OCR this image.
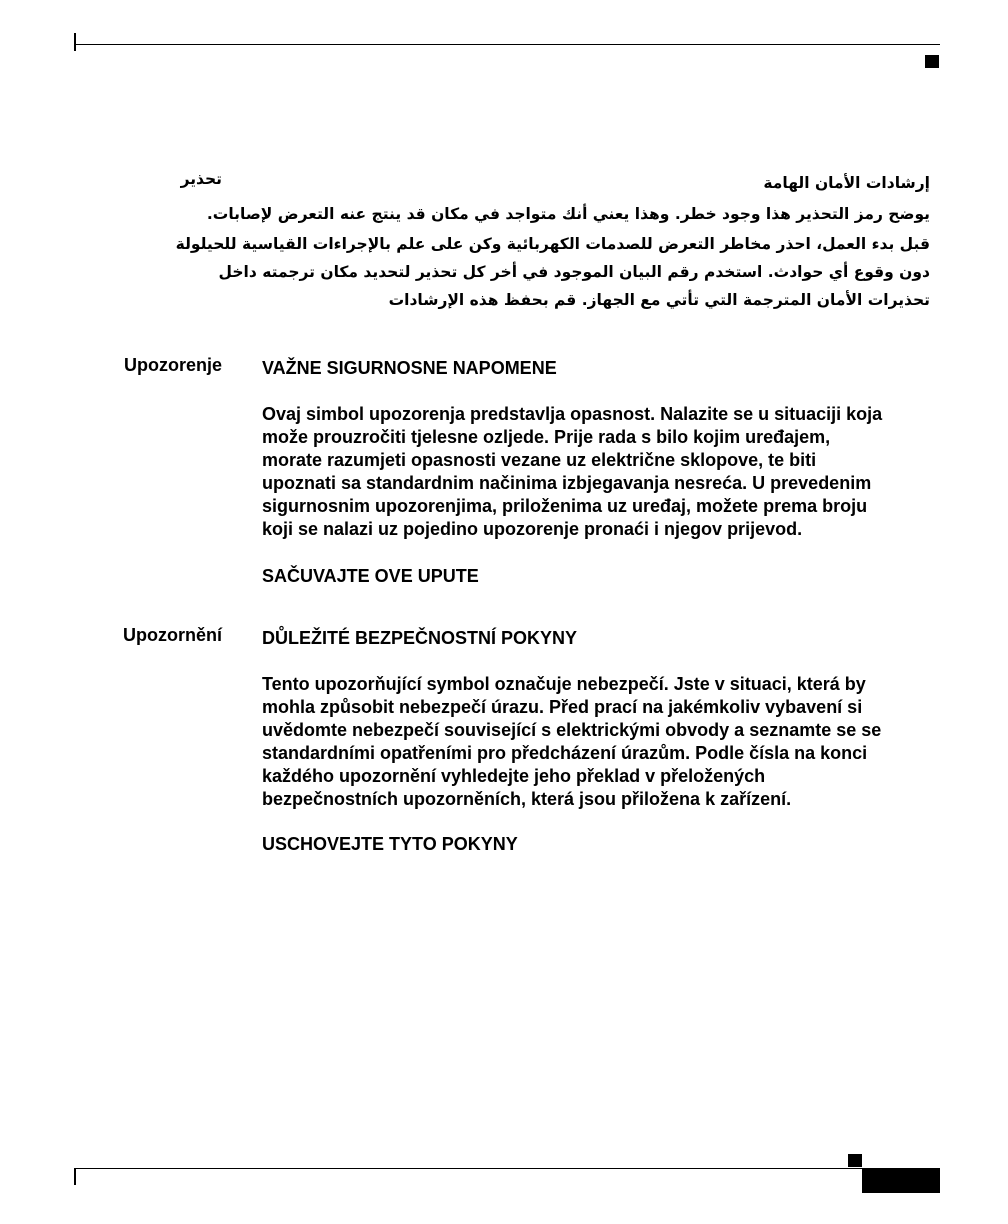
تحذير	إرشادات الأمان الهامة
يوضح رمز التحذير هذا وجود خطر. وهذا يعني أنك متواجد في مكان قد ينتج عنه التعرض لإصابات.
قبل بدء العمل، احذر مخاطر التعرض للصدمات الكهربائية وكن على علم بالإجراءات القياسية للحيلولة
دون وقوع أي حوادث. استخدم رقم البيان الموجود في أخر كل تحذير لتحديد مكان ترجمته داخل
تحذيرات الأمان المترجمة التي تأتي مع الجهاز. قم بحفظ هذه الإرشادات
Upozorenje VAŽNE SIGURNOSNE NAPOMENE
Ovaj simbol upozorenja predstavlja opasnost. Nalazite se u situaciji koja
može prouzročiti tjelesne ozljede. Prije rada s bilo kojim uređajem,
morate razumjeti opasnosti vezane uz električne sklopove, te biti
upoznati sa standardnim načinima izbjegavanja nesreća. U prevedenim
sigurnosnim upozorenjima, priloženima uz uređaj, možete prema broju
koji se nalazi uz pojedino upozorenje pronaći i njegov prijevod.
SAČUVAJTE OVE UPUTE
Upozornění DŮLEŽITÉ BEZPEČNOSTNÍ POKYNY
Tento upozorňující symbol označuje nebezpečí. Jste v situaci, která by
mohla způsobit nebezpečí úrazu. Před prací na jakémkoliv vybavení si
uvědomte nebezpečí související s elektrickými obvody a seznamte se se
standardními opatřeními pro předcházení úrazům. Podle čísla na konci
každého upozornění vyhledejte jeho překlad v přeložených
bezpečnostních upozorněních, která jsou přiložena k zařízení.
USCHOVEJTE TYTO POKYNY
